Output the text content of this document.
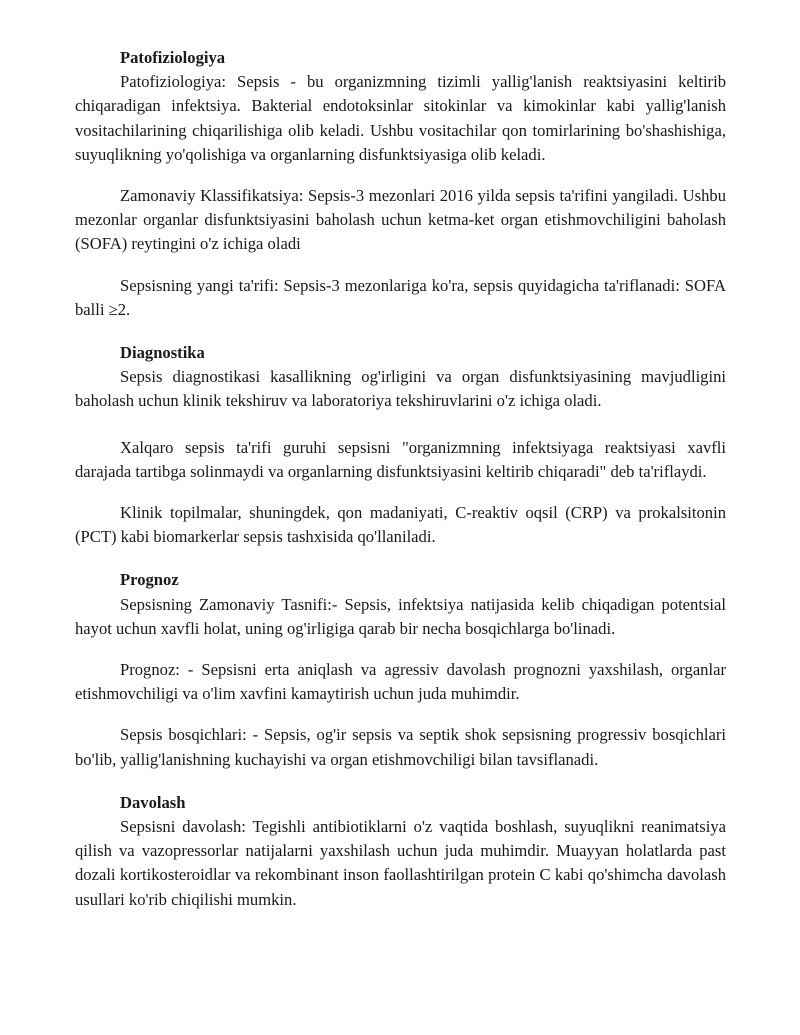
Patofiziologiya

Patofiziologiya: Sepsis - bu organizmning tizimli yallig'lanish reaktsiyasini keltirib chiqaradigan infektsiya. Bakterial endotoksinlar sitokinlar va kimokinlar kabi yallig'lanish vositachilarining chiqarilishiga olib keladi. Ushbu vositachilar qon tomirlarining bo'shashishiga, suyuqlikning yo'qolishiga va organlarning disfunktsiyasiga olib keladi.

Zamonaviy Klassifikatsiya: Sepsis-3 mezonlari 2016 yilda sepsis ta'rifini yangiladi. Ushbu mezonlar organlar disfunktsiyasini baholash uchun ketma-ket organ etishmovchiligini baholash (SOFA) reytingini o'z ichiga oladi

Sepsisning yangi ta'rifi: Sepsis-3 mezonlariga ko'ra, sepsis quyidagicha ta'riflanadi: SOFA balli ≥2.

Diagnostika

Sepsis diagnostikasi kasallikning og'irligini va organ disfunktsiyasining mavjudligini baholash uchun klinik tekshiruv va laboratoriya tekshiruvlarini o'z ichiga oladi.

Xalqaro sepsis ta'rifi guruhi sepsisni "organizmning infektsiyaga reaktsiyasi xavfli darajada tartibga solinmaydi va organlarning disfunktsiyasini keltirib chiqaradi" deb ta'riflaydi.

Klinik topilmalar, shuningdek, qon madaniyati, C-reaktiv oqsil (CRP) va prokalsitonin (PCT) kabi biomarkerlar sepsis tashxisida qo'llaniladi.

Prognoz

Sepsisning Zamonaviy Tasnifi:- Sepsis, infektsiya natijasida kelib chiqadigan potentsial hayot uchun xavfli holat, uning og'irligiga qarab bir necha bosqichlarga bo'linadi.

Prognoz: - Sepsisni erta aniqlash va agressiv davolash prognozni yaxshilash, organlar etishmovchiligi va o'lim xavfini kamaytirish uchun juda muhimdir.

Sepsis bosqichlari: - Sepsis, og'ir sepsis va septik shok sepsisning progressiv bosqichlari bo'lib, yallig'lanishning kuchayishi va organ etishmovchiligi bilan tavsiflanadi.

Davolash

Sepsisni davolash: Tegishli antibiotiklarni o'z vaqtida boshlash, suyuqlikni reanimatsiya qilish va vazopressorlar natijalarni yaxshilash uchun juda muhimdir. Muayyan holatlarda past dozali kortikosteroidlar va rekombinant inson faollashtirilgan protein C kabi qo'shimcha davolash usullari ko'rib chiqilishi mumkin.
